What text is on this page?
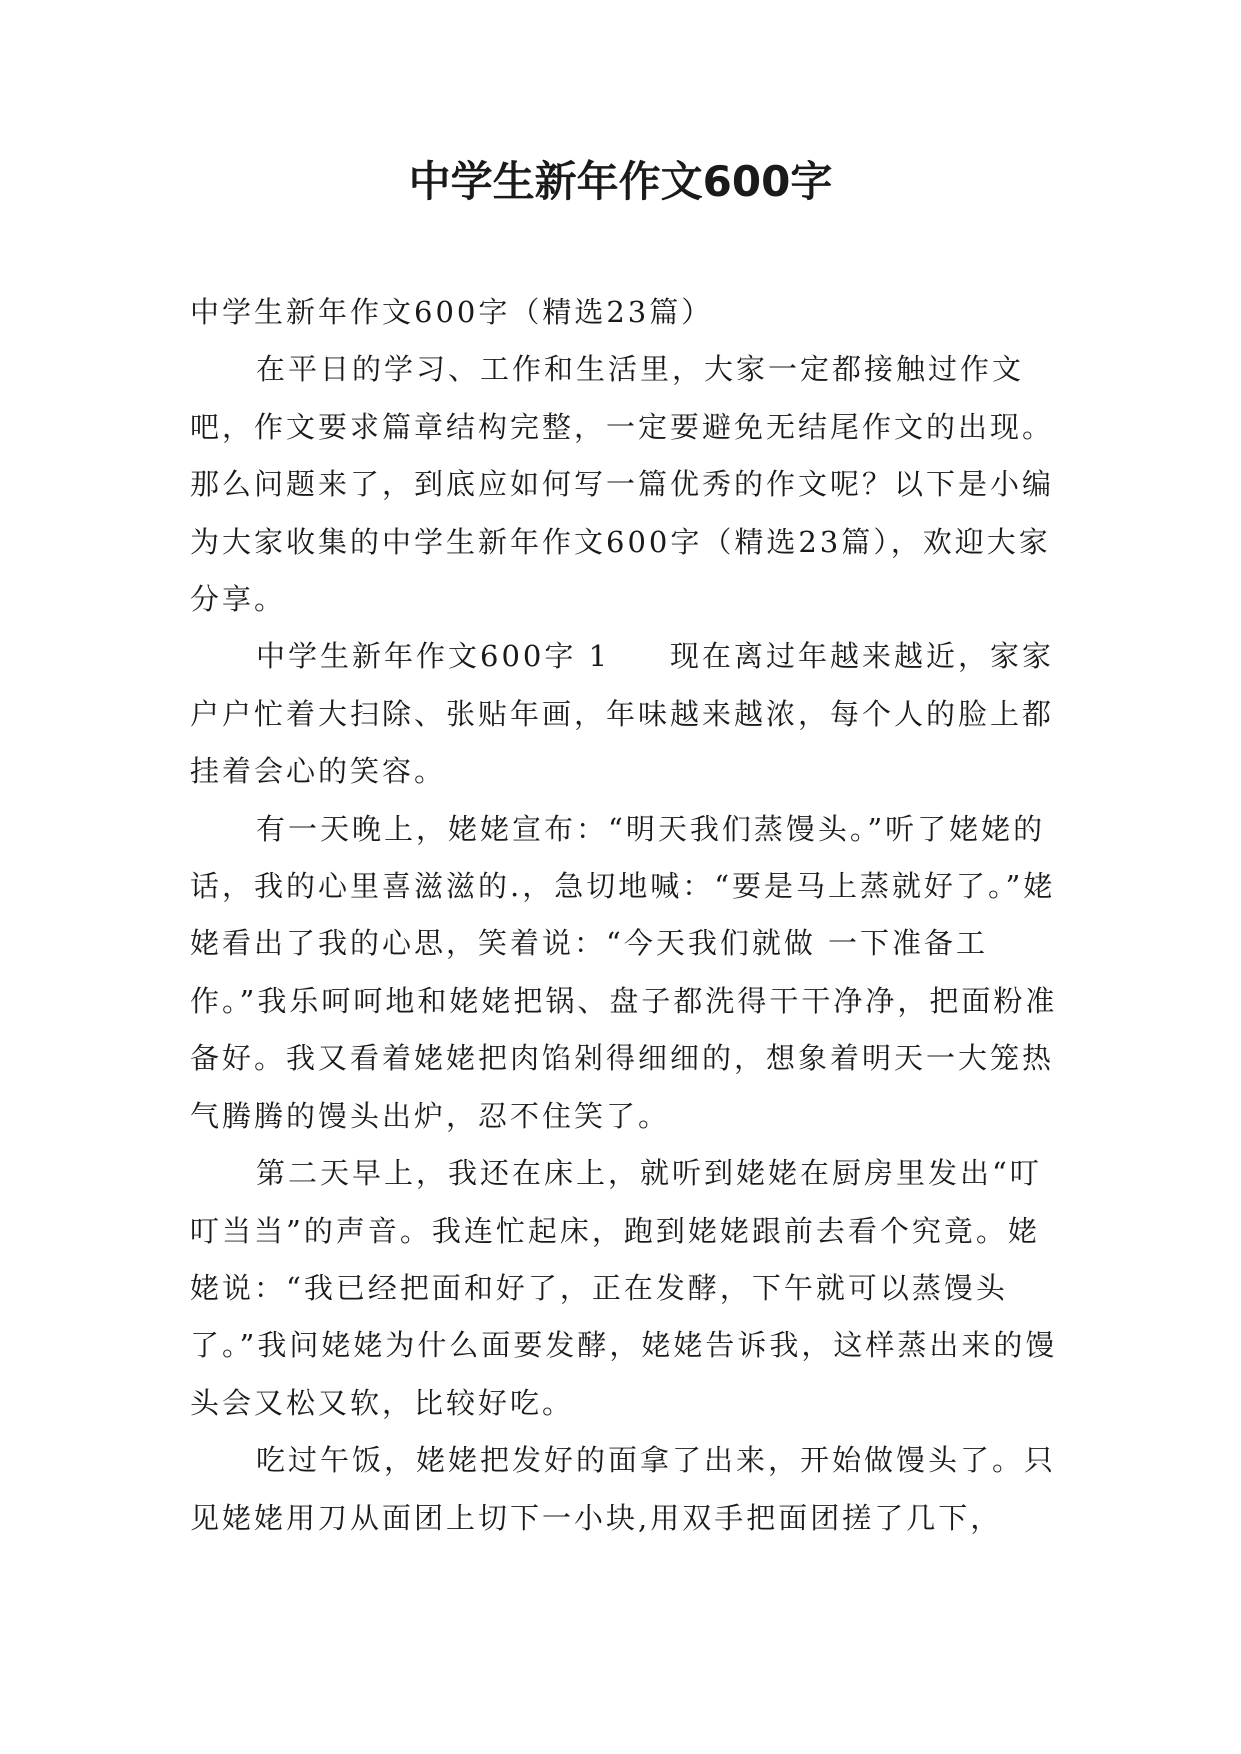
中学生新年作文600字

中学生新年作文600字（精选23篇）

在平日的学习、工作和生活里，大家一定都接触过作文吧，作文要求篇章结构完整，一定要避免无结尾作文的出现。那么问题来了，到底应如何写一篇优秀的作文呢？以下是小编为大家收集的中学生新年作文600字（精选23篇），欢迎大家分享。

中学生新年作文600字 1 现在离过年越来越近，家家户户忙着大扫除、张贴年画，年味越来越浓，每个人的脸上都挂着会心的笑容。

有一天晚上，姥姥宣布：“明天我们蒸馒头。”听了姥姥的话，我的心里喜滋滋的.，急切地喊：“要是马上蒸就好了。”姥姥看出了我的心思，笑着说：“今天我们就做 一下准备工作。”我乐呵呵地和姥姥把锅、盘子都洗得干干净净，把面粉准备好。我又看着姥姥把肉馅剁得细细的，想象着明天一大笼热气腾腾的馒头出炉，忍不住笑了。

第二天早上，我还在床上，就听到姥姥在厨房里发出“叮叮当当”的声音。我连忙起床，跑到姥姥跟前去看个究竟。姥姥说：“我已经把面和好了，正在发酵，下午就可以蒸馒头了。”我问姥姥为什么面要发酵，姥姥告诉我，这样蒸出来的馒头会又松又软，比较好吃。

吃过午饭，姥姥把发好的面拿了出来，开始做馒头了。只见姥姥用刀从面团上切下一小块,用双手把面团搓了几下，
